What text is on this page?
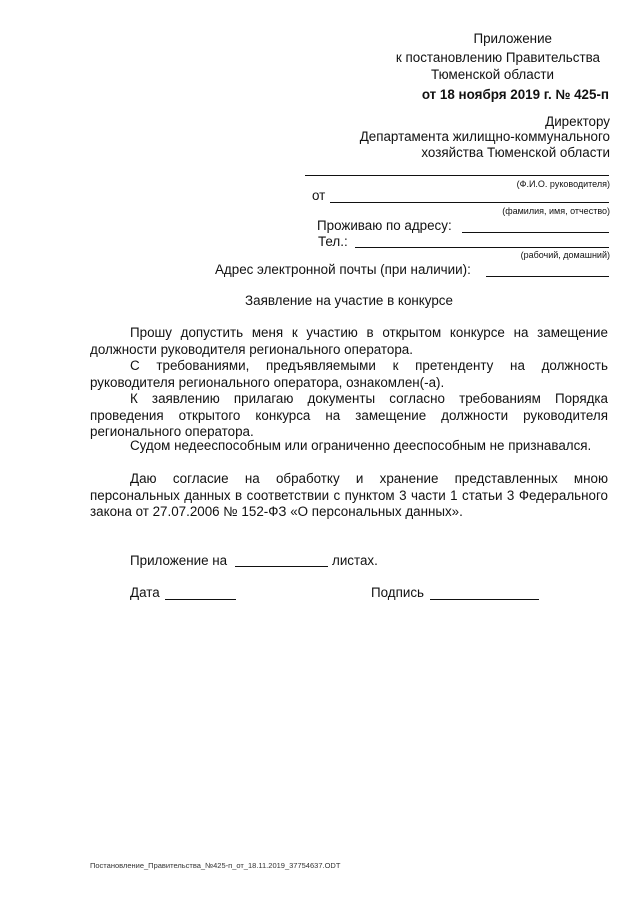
Приложение
к постановлению Правительства
Тюменской области
от 18 ноября 2019 г. № 425-п
Директору
Департамента жилищно-коммунального
хозяйства Тюменской области
(Ф.И.О. руководителя)
от
(фамилия, имя, отчество)
Проживаю по адресу:
Тел.:
(рабочий, домашний)
Адрес электронной почты (при наличии):
Заявление на участие в конкурсе
Прошу допустить меня к участию в открытом конкурсе на замещение должности руководителя регионального оператора.
С требованиями, предъявляемыми к претенденту на должность руководителя регионального оператора, ознакомлен(-а).
К заявлению прилагаю документы согласно требованиям Порядка проведения открытого конкурса на замещение должности руководителя регионального оператора.
Судом недееспособным или ограниченно дееспособным не признавался.
Даю согласие на обработку и хранение представленных мною персональных данных в соответствии с пунктом 3 части 1 статьи 3 Федерального закона от 27.07.2006 № 152-ФЗ «О персональных данных».
Приложение на	листах.
Дата	Подпись
Постановление_Правительства_№425-п_от_18.11.2019_37754637.ODT
